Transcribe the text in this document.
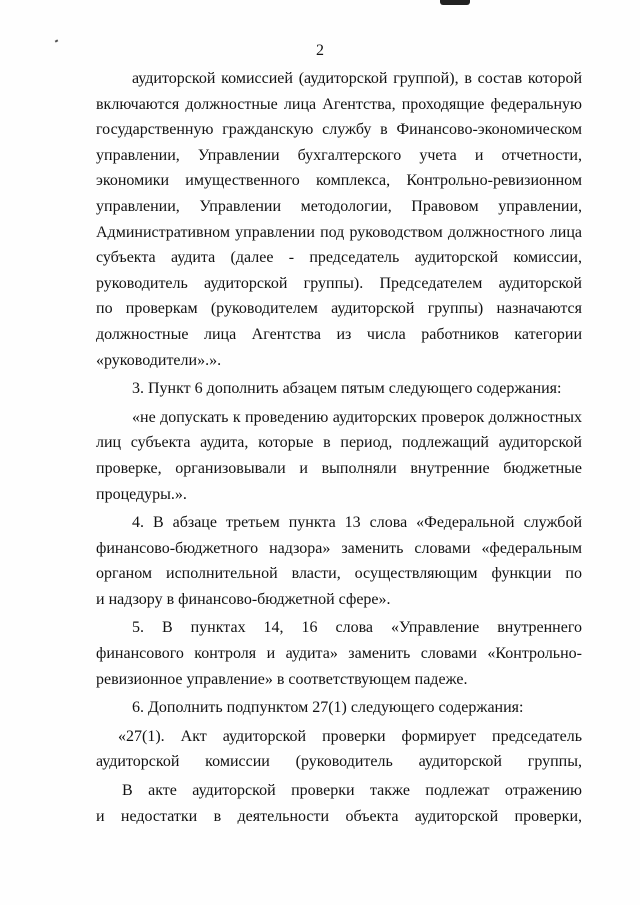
2
аудиторской комиссией (аудиторской группой), в состав которой
включаются должностные лица Агентства, проходящие федеральную
государственную гражданскую службу в Финансово-экономическом
управлении, Управлении бухгалтерского учета и отчетности,
экономики имущественного комплекса, Контрольно-ревизионном
управлении, Управлении методологии, Правовом управлении,
Административном управлении под руководством должностного лица
субъекта аудита (далее - председатель аудиторской комиссии,
руководитель аудиторской группы). Председателем аудиторской
по проверкам (руководителем аудиторской группы) назначаются
должностные лица Агентства из числа работников категории
«руководители».».
3. Пункт 6 дополнить абзацем пятым следующего содержания:
«не допускать к проведению аудиторских проверок должностных
лиц субъекта аудита, которые в период, подлежащий аудиторской
проверке, организовывали и выполняли внутренние бюджетные
процедуры.».
4. В абзаце третьем пункта 13 слова «Федеральной службой
финансово-бюджетного надзора» заменить словами «федеральным
органом исполнительной власти, осуществляющим функции по
и надзору в финансово-бюджетной сфере».
5. В пунктах 14, 16 слова «Управление внутреннего
финансового контроля и аудита» заменить словами «Контрольно-
ревизионное управление» в соответствующем падеже.
6. Дополнить подпунктом 27(1) следующего содержания:
«27(1). Акт аудиторской проверки формирует председатель
аудиторской комиссии (руководитель аудиторской группы,
В акте аудиторской проверки также подлежат отражению
и недостатки в деятельности объекта аудиторской проверки,
